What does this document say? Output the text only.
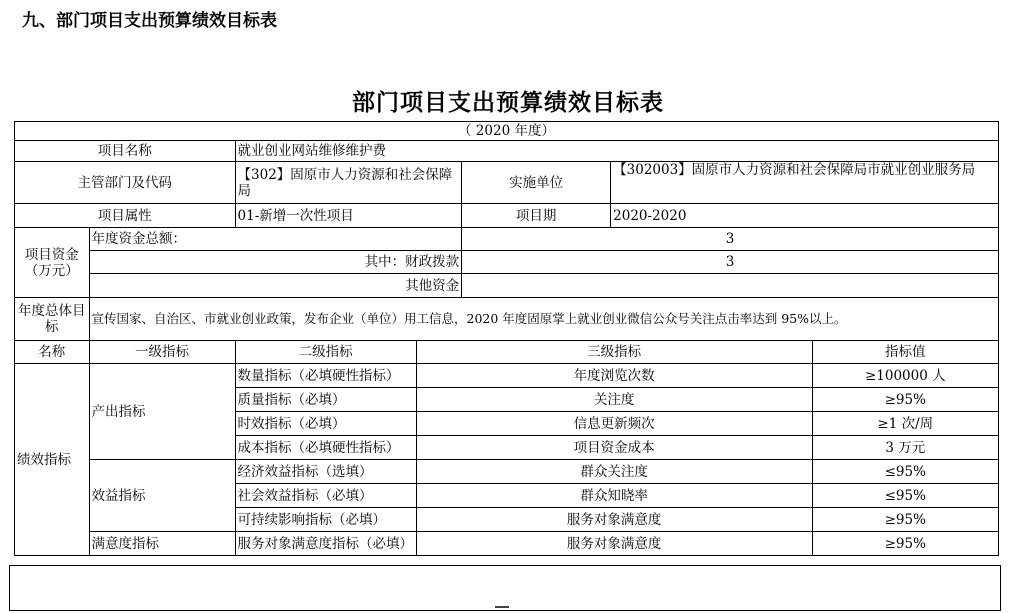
九、部门项目支出预算绩效目标表
部门项目支出预算绩效目标表
（ 2020 年度）						
项目名称		就业创业网站维修维护费				
主管部门及代码		【302】固原市人力资源和社会保障局		实施单位	【302003】固原市人力资源和社会保障局市就业创业服务局	
项目属性		01-新增一次性项目		项目期	2020-2020	
项目资金
（万元）	年度资金总额：			3		
	其中：财政拨款			3		
	其他资金					
年度总体目标	宣传国家、自治区、市就业创业政策，发布企业（单位）用工信息，2020 年度固原掌上就业创业微信公众号关注点击率达到 95%以上。					
名称	一级指标	二级指标	三级指标			指标值
绩效指标	产出指标	数量指标（必填硬性指标）	年度浏览次数			≥100000 人
		质量指标（必填）	关注度			≥95%
		时效指标（必填）	信息更新频次			≥1 次/周
		成本指标（必填硬性指标）	项目资金成本			3 万元
	效益指标	经济效益指标（选填）	群众关注度			≤95%
		社会效益指标（必填）	群众知晓率			≤95%
		可持续影响指标（必填）	服务对象满意度			≥95%
	满意度指标	服务对象满意度指标（必填）	服务对象满意度			≥95%
